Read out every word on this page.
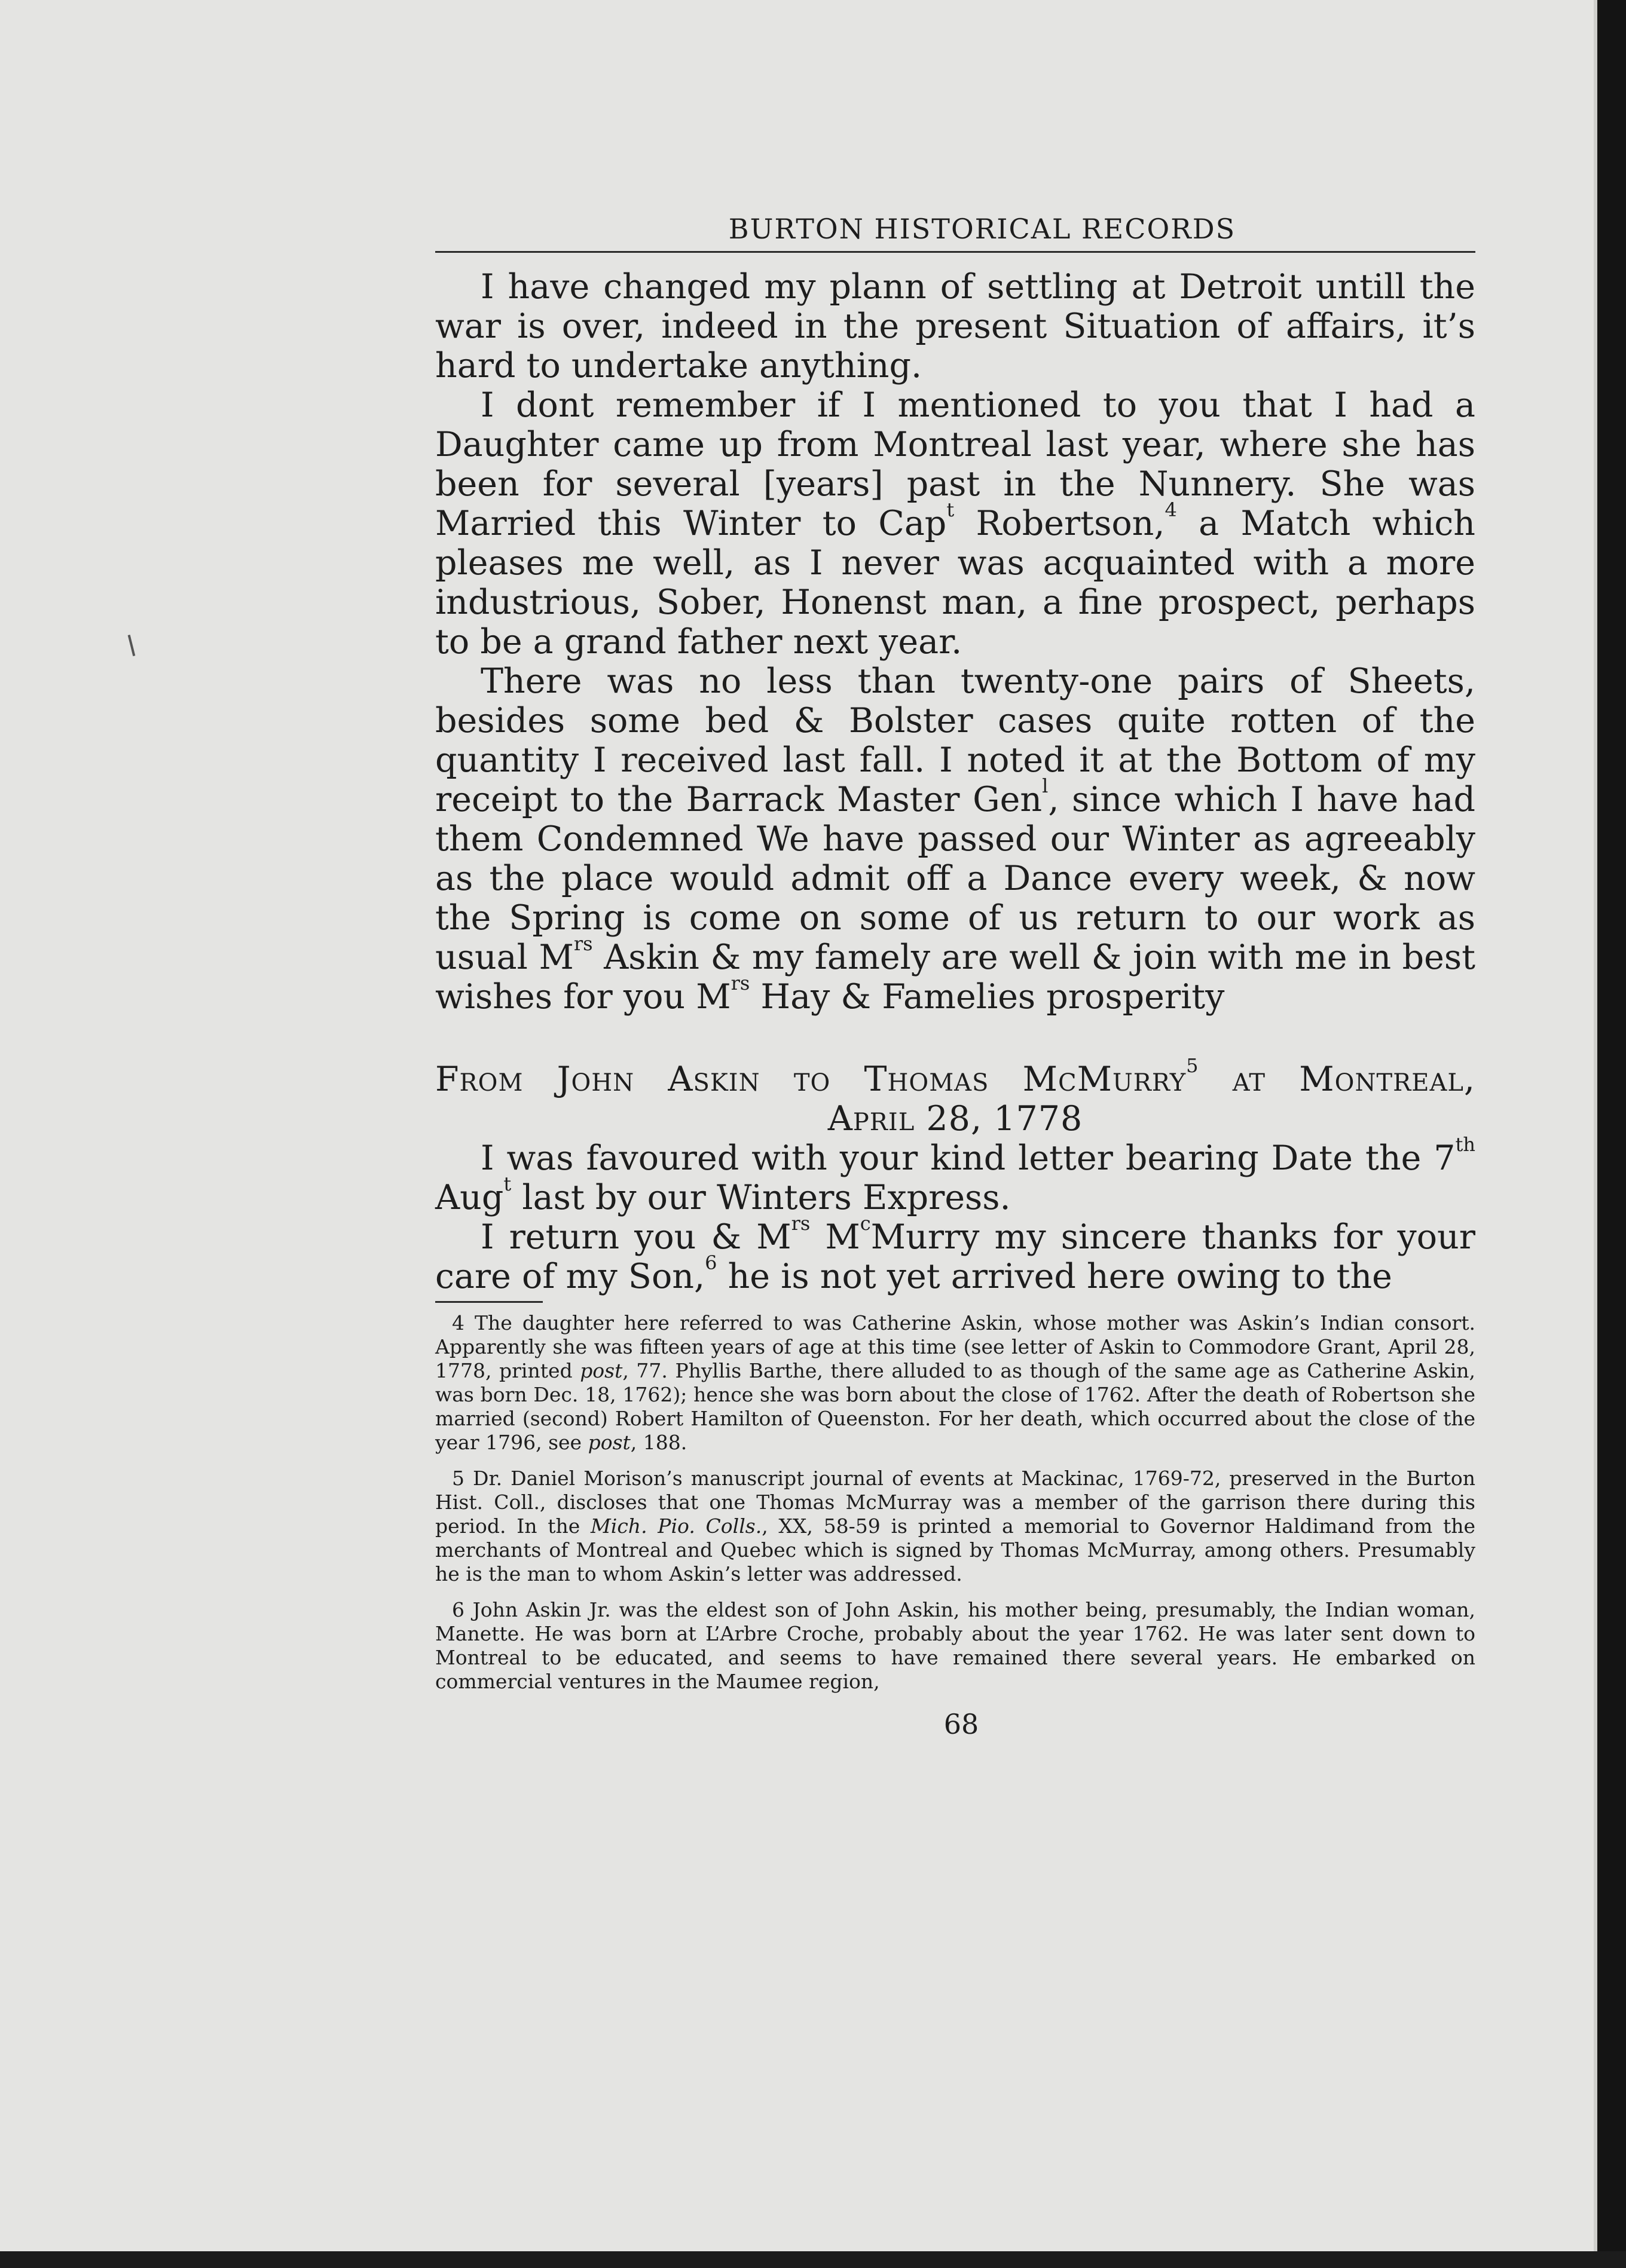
BURTON HISTORICAL RECORDS

I have changed my plann of settling at Detroit untill the war is over, indeed in the present Situation of affairs, it’s hard to undertake anything.

I dont remember if I mentioned to you that I had a Daughter came up from Montreal last year, where she has been for several [years] past in the Nunnery. She was Married this Winter to Cap$^t$ Robertson,$^4$ a Match which pleases me well, as I never was acquainted with a more industrious, Sober, Honenst man, a fine prospect, perhaps to be a grand father next year.

There was no less than twenty-one pairs of Sheets, besides some bed & Bolster cases quite rotten of the quantity I received last fall. I noted it at the Bottom of my receipt to the Barrack Master Gen$^l$, since which I have had them Condemned We have passed our Winter as agreeably as the place would admit off a Dance every week, & now the Spring is come on some of us return to our work as usual $M^{rs}$ Askin & my famely are well & join with me in best wishes for you $M^{rs}$ Hay & Famelies prosperity

From John Askin to Thomas McMurry$^5$ at Montreal,
April 28, 1778

I was favoured with your kind letter bearing Date the 7th Aug$^t$ last by our Winters Express.

I return you & $M^{rs}$ $M^cMurry$ my sincere thanks for your care of my Son,$^6$ he is not yet arrived here owing to the

4 The daughter here referred to was Catherine Askin, whose mother was Askin’s Indian consort. Apparently she was fifteen years of age at this time (see letter of Askin to Commodore Grant, April 28, 1778, printed post, 77. Phyllis Barthe, there alluded to as though of the same age as Catherine Askin, was born Dec. 18, 1762); hence she was born about the close of 1762. After the death of Robertson she married (second) Robert Hamilton of Queenston. For her death, which occurred about the close of the year 1796, see post, 188.

5 Dr. Daniel Morison’s manuscript journal of events at Mackinac, 1769-72, preserved in the Burton Hist. Coll., discloses that one Thomas McMurray was a member of the garrison there during this period. In the Mich. Pio. Colls., XX, 58-59 is printed a memorial to Governor Haldimand from the merchants of Montreal and Quebec which is signed by Thomas McMurray, among others. Presumably he is the man to whom Askin’s letter was addressed.

6 John Askin Jr. was the eldest son of John Askin, his mother being, presumably, the Indian woman, Manette. He was born at L’Arbre Croche, probably about the year 1762. He was later sent down to Montreal to be educated, and seems to have remained there several years. He embarked on commercial ventures in the Maumee region,

68
